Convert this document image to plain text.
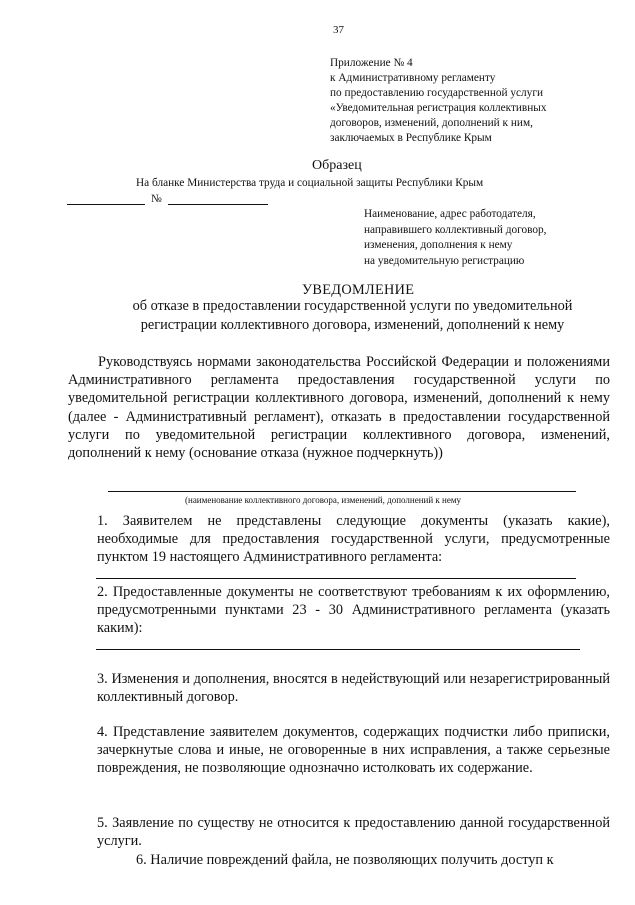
37
Приложение № 4
к Административному регламенту
по предоставлению государственной услуги
«Уведомительная регистрация коллективных
договоров, изменений, дополнений к ним,
заключаемых в Республике Крым
Образец
На бланке Министерства труда и социальной защиты Республики Крым
№
Наименование, адрес работодателя,
направившего коллективный договор,
изменения, дополнения к нему
на уведомительную регистрацию
УВЕДОМЛЕНИЕ
об отказе в предоставлении государственной услуги по уведомительной регистрации коллективного договора, изменений, дополнений к нему
Руководствуясь нормами законодательства Российской Федерации и положениями Административного регламента предоставления государственной услуги по уведомительной регистрации коллективного договора, изменений, дополнений к нему (далее - Административный регламент), отказать в предоставлении государственной услуги по уведомительной регистрации коллективного договора, изменений, дополнений к нему (основание отказа (нужное подчеркнуть))
(наименование коллективного договора, изменений, дополнений к нему
1. Заявителем не представлены следующие документы (указать какие), необходимые для предоставления государственной услуги, предусмотренные пунктом 19 настоящего Административного регламента:
2. Предоставленные документы не соответствуют требованиям к их оформлению, предусмотренными пунктами 23 - 30 Административного регламента (указать каким):
3. Изменения и дополнения, вносятся в недействующий или незарегистрированный коллективный договор.
4. Представление заявителем документов, содержащих подчистки либо приписки, зачеркнутые слова и иные, не оговоренные в них исправления, а также серьезные повреждения, не позволяющие однозначно истолковать их содержание.
5. Заявление по существу не относится к предоставлению данной государственной услуги.
6. Наличие повреждений файла, не позволяющих получить доступ к
